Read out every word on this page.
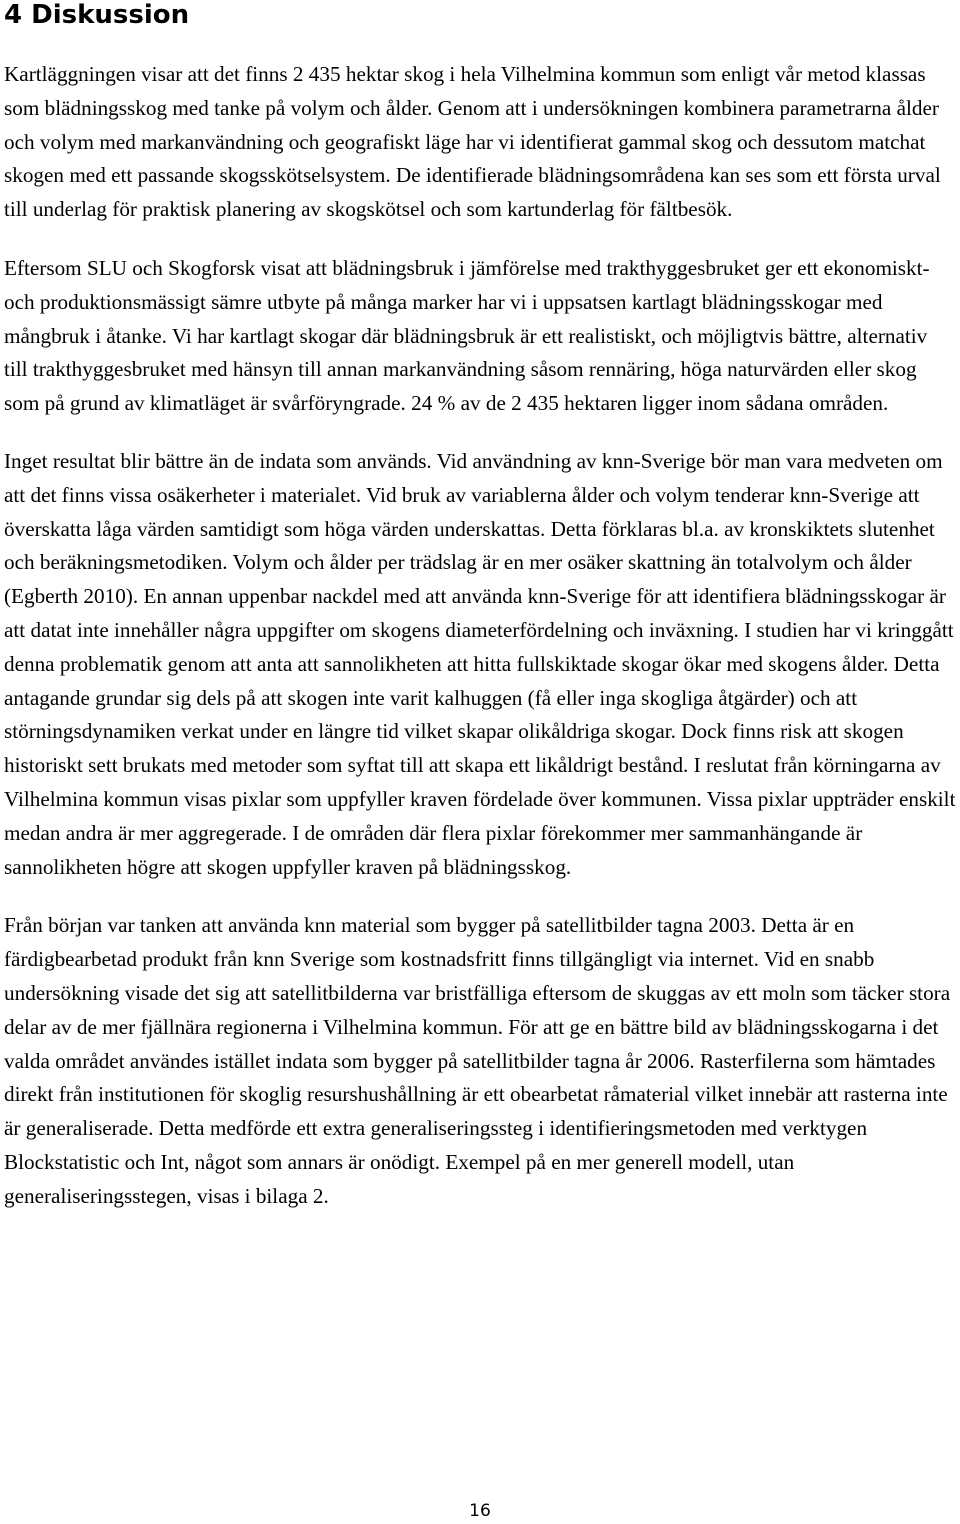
4 Diskussion

Kartläggningen visar att det finns 2 435 hektar skog i hela Vilhelmina kommun som enligt vår metod klassas som blädningsskog med tanke på volym och ålder. Genom att i undersökningen kombinera parametrarna ålder och volym med markanvändning och geografiskt läge har vi identifierat gammal skog och dessutom matchat skogen med ett passande skogsskötselsystem. De identifierade blädningsområdena kan ses som ett första urval till underlag för praktisk planering av skogskötsel och som kartunderlag för fältbesök.

Eftersom SLU och Skogforsk visat att blädningsbruk i jämförelse med trakthyggesbruket ger ett ekonomiskt- och produktionsmässigt sämre utbyte på många marker har vi i uppsatsen kartlagt blädningsskogar med mångbruk i åtanke. Vi har kartlagt skogar där blädningsbruk är ett realistiskt, och möjligtvis bättre, alternativ till trakthyggesbruket med hänsyn till annan markanvändning såsom rennäring, höga naturvärden eller skog som på grund av klimatläget är svårföryngrade. 24 % av de 2 435 hektaren ligger inom sådana områden.

Inget resultat blir bättre än de indata som används. Vid användning av knn-Sverige bör man vara medveten om att det finns vissa osäkerheter i materialet. Vid bruk av variablerna ålder och volym tenderar knn-Sverige att överskatta låga värden samtidigt som höga värden underskattas. Detta förklaras bl.a. av kronskiktets slutenhet och beräkningsmetodiken. Volym och ålder per trädslag är en mer osäker skattning än totalvolym och ålder (Egberth 2010). En annan uppenbar nackdel med att använda knn-Sverige för att identifiera blädningsskogar är att datat inte innehåller några uppgifter om skogens diameterfördelning och inväxning. I studien har vi kringgått denna problematik genom att anta att sannolikheten att hitta fullskiktade skogar ökar med skogens ålder. Detta antagande grundar sig dels på att skogen inte varit kalhuggen (få eller inga skogliga åtgärder) och att störningsdynamiken verkat under en längre tid vilket skapar olikåldriga skogar. Dock finns risk att skogen historiskt sett brukats med metoder som syftat till att skapa ett likåldrigt bestånd. I reslutat från körningarna av Vilhelmina kommun visas pixlar som uppfyller kraven fördelade över kommunen. Vissa pixlar uppträder enskilt medan andra är mer aggregerade. I de områden där flera pixlar förekommer mer sammanhängande är sannolikheten högre att skogen uppfyller kraven på blädningsskog.

Från början var tanken att använda knn material som bygger på satellitbilder tagna 2003. Detta är en färdigbearbetad produkt från knn Sverige som kostnadsfritt finns tillgängligt via internet. Vid en snabb undersökning visade det sig att satellitbilderna var bristfälliga eftersom de skuggas av ett moln som täcker stora delar av de mer fjällnära regionerna i Vilhelmina kommun. För att ge en bättre bild av blädningsskogarna i det valda området användes istället indata som bygger på satellitbilder tagna år 2006. Rasterfilerna som hämtades direkt från institutionen för skoglig resurshushållning är ett obearbetat råmaterial vilket innebär att rasterna inte är generaliserade. Detta medförde ett extra generaliseringssteg i identifieringsmetoden med verktygen Blockstatistic och Int, något som annars är onödigt. Exempel på en mer generell modell, utan generaliseringsstegen, visas i bilaga 2.

16
